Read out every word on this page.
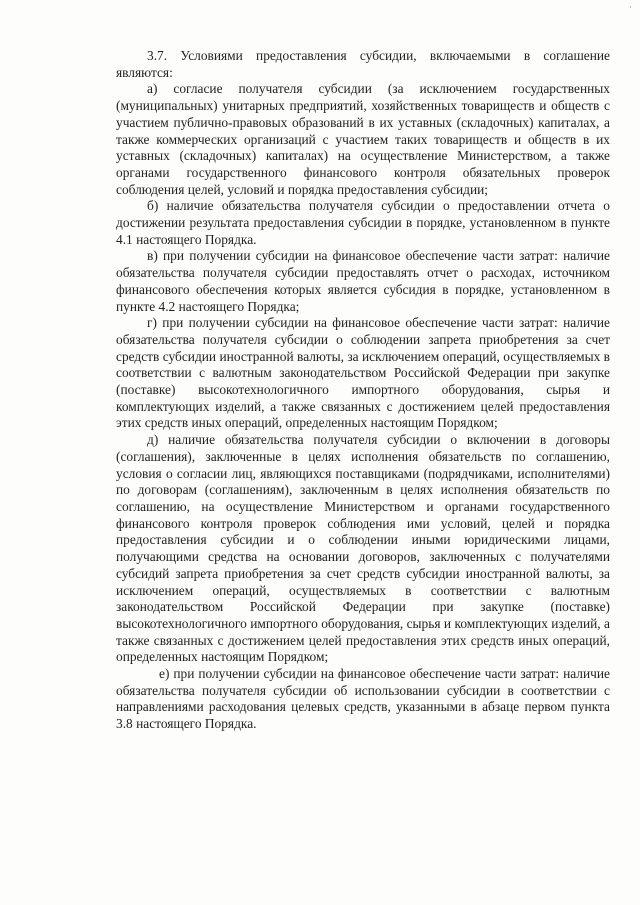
·

3.7. Условиями предоставления субсидии, включаемыми в соглашение являются:

а) согласие получателя субсидии (за исключением государственных (муниципальных) унитарных предприятий, хозяйственных товариществ и обществ с участием публично-правовых образований в их уставных (складочных) капиталах, а также коммерческих организаций с участием таких товариществ и обществ в их уставных (складочных) капиталах) на осуществление Министерством, а также органами государственного финансового контроля обязательных проверок соблюдения целей, условий и порядка предоставления субсидии;

б) наличие обязательства получателя субсидии о предоставлении отчета о достижении результата предоставления субсидии в порядке, установленном в пункте 4.1 настоящего Порядка.

в) при получении субсидии на финансовое обеспечение части затрат: наличие обязательства получателя субсидии предоставлять отчет о расходах, источником финансового обеспечения которых является субсидия в порядке, установленном в пункте 4.2 настоящего Порядка;

г) при получении субсидии на финансовое обеспечение части затрат: наличие обязательства получателя субсидии о соблюдении запрета приобретения за счет средств субсидии иностранной валюты, за исключением операций, осуществляемых в соответствии с валютным законодательством Российской Федерации при закупке (поставке) высокотехнологичного импортного оборудования, сырья и комплектующих изделий, а также связанных с достижением целей предоставления этих средств иных операций, определенных настоящим Порядком;

д) наличие обязательства получателя субсидии о включении в договоры (соглашения), заключенные в целях исполнения обязательств по соглашению, условия о согласии лиц, являющихся поставщиками (подрядчиками, исполнителями) по договорам (соглашениям), заключенным в целях исполнения обязательств по соглашению, на осуществление Министерством и органами государственного финансового контроля проверок соблюдения ими условий, целей и порядка предоставления субсидии и о соблюдении иными юридическими лицами, получающими средства на основании договоров, заключенных с получателями субсидий запрета приобретения за счет средств субсидии иностранной валюты, за исключением операций, осуществляемых в соответствии с валютным законодательством Российской Федерации при закупке (поставке) высокотехнологичного импортного оборудования, сырья и комплектующих изделий, а также связанных с достижением целей предоставления этих средств иных операций, определенных настоящим Порядком;

е) при получении субсидии на финансовое обеспечение части затрат: наличие обязательства получателя субсидии об использовании субсидии в соответствии с направлениями расходования целевых средств, указанными в абзаце первом пункта 3.8 настоящего Порядка.
